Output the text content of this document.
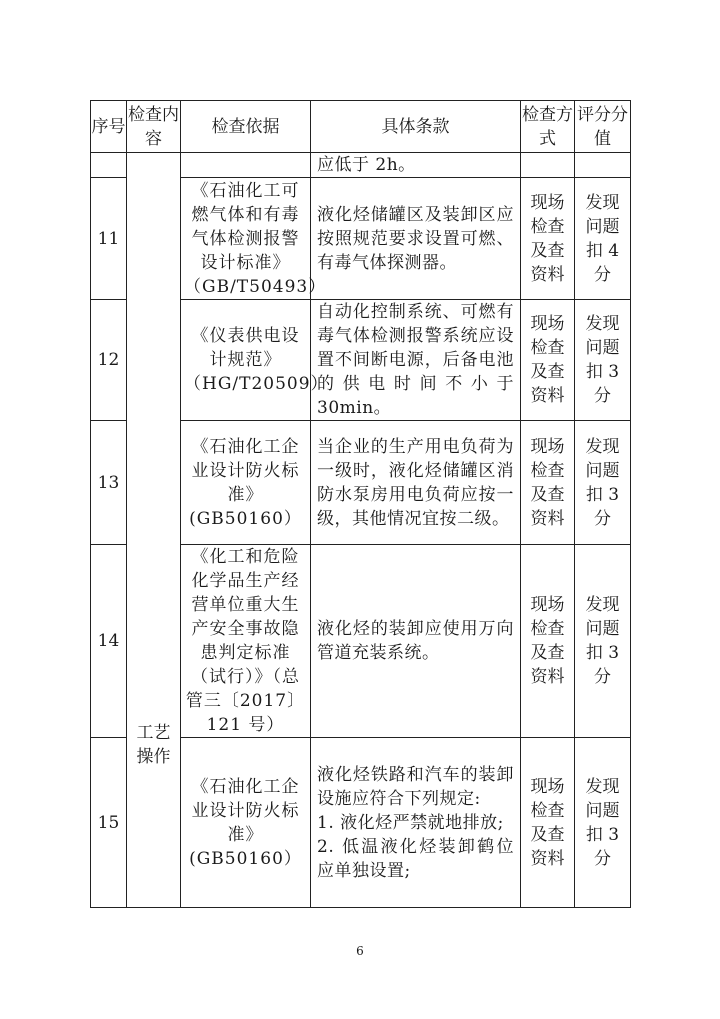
序号	检查内容	检查依据	具体条款	检查方式	评分分值

	工艺操作		应低于 2h。		
11		《石油化工可燃气体和有毒气体检测报警设计标准》（GB/T50493）	液化烃储罐区及装卸区应按照规范要求设置可燃、有毒气体探测器。	现场检查及查资料	发现问题扣 4 分
12		《仪表供电设计规范》（HG/T20509）	自动化控制系统、可燃有毒气体检测报警系统应设置不间断电源，后备电池的供电时间不小于 30min。	现场检查及查资料	发现问题扣 3 分
13		《石油化工企业设计防火标准》(GB50160）	当企业的生产用电负荷为一级时，液化烃储罐区消防水泵房用电负荷应按一级，其他情况宜按二级。	现场检查及查资料	发现问题扣 3 分
14		《化工和危险化学品生产经营单位重大生产安全事故隐患判定标准（试行）》（总管三〔2017〕121 号）	液化烃的装卸应使用万向管道充装系统。	现场检查及查资料	发现问题扣 3 分
15		《石油化工企业设计防火标准》(GB50160）	液化烃铁路和汽车的装卸设施应符合下列规定:
1. 液化烃严禁就地排放;
2. 低温液化烃装卸鹤位应单独设置;	现场检查及查资料	发现问题扣 3 分
6
